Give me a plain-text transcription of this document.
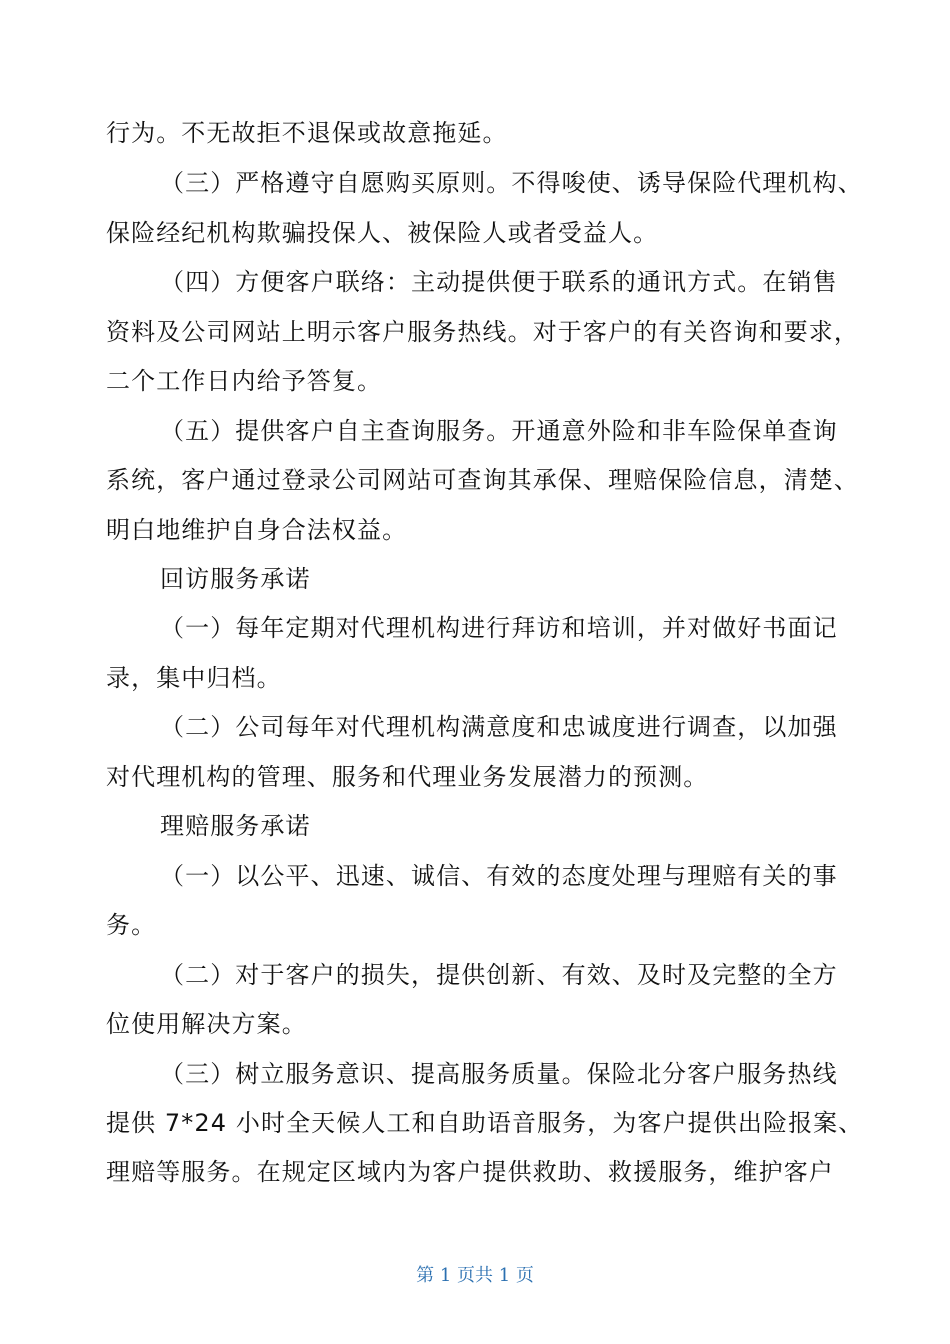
行为。不无故拒不退保或故意拖延。
（三）严格遵守自愿购买原则。不得唆使、诱导保险代理机构、
保险经纪机构欺骗投保人、被保险人或者受益人。
（四）方便客户联络：主动提供便于联系的通讯方式。在销售
资料及公司网站上明示客户服务热线。对于客户的有关咨询和要求，
二个工作日内给予答复。
（五）提供客户自主查询服务。开通意外险和非车险保单查询
系统，客户通过登录公司网站可查询其承保、理赔保险信息，清楚、
明白地维护自身合法权益。
回访服务承诺
（一）每年定期对代理机构进行拜访和培训，并对做好书面记
录，集中归档。
（二）公司每年对代理机构满意度和忠诚度进行调查，以加强
对代理机构的管理、服务和代理业务发展潜力的预测。
理赔服务承诺
（一）以公平、迅速、诚信、有效的态度处理与理赔有关的事
务。
（二）对于客户的损失，提供创新、有效、及时及完整的全方
位使用解决方案。
（三）树立服务意识、提高服务质量。保险北分客户服务热线
提供 7*24 小时全天候人工和自助语音服务，为客户提供出险报案、
理赔等服务。在规定区域内为客户提供救助、救援服务，维护客户
第 1 页共 1 页
